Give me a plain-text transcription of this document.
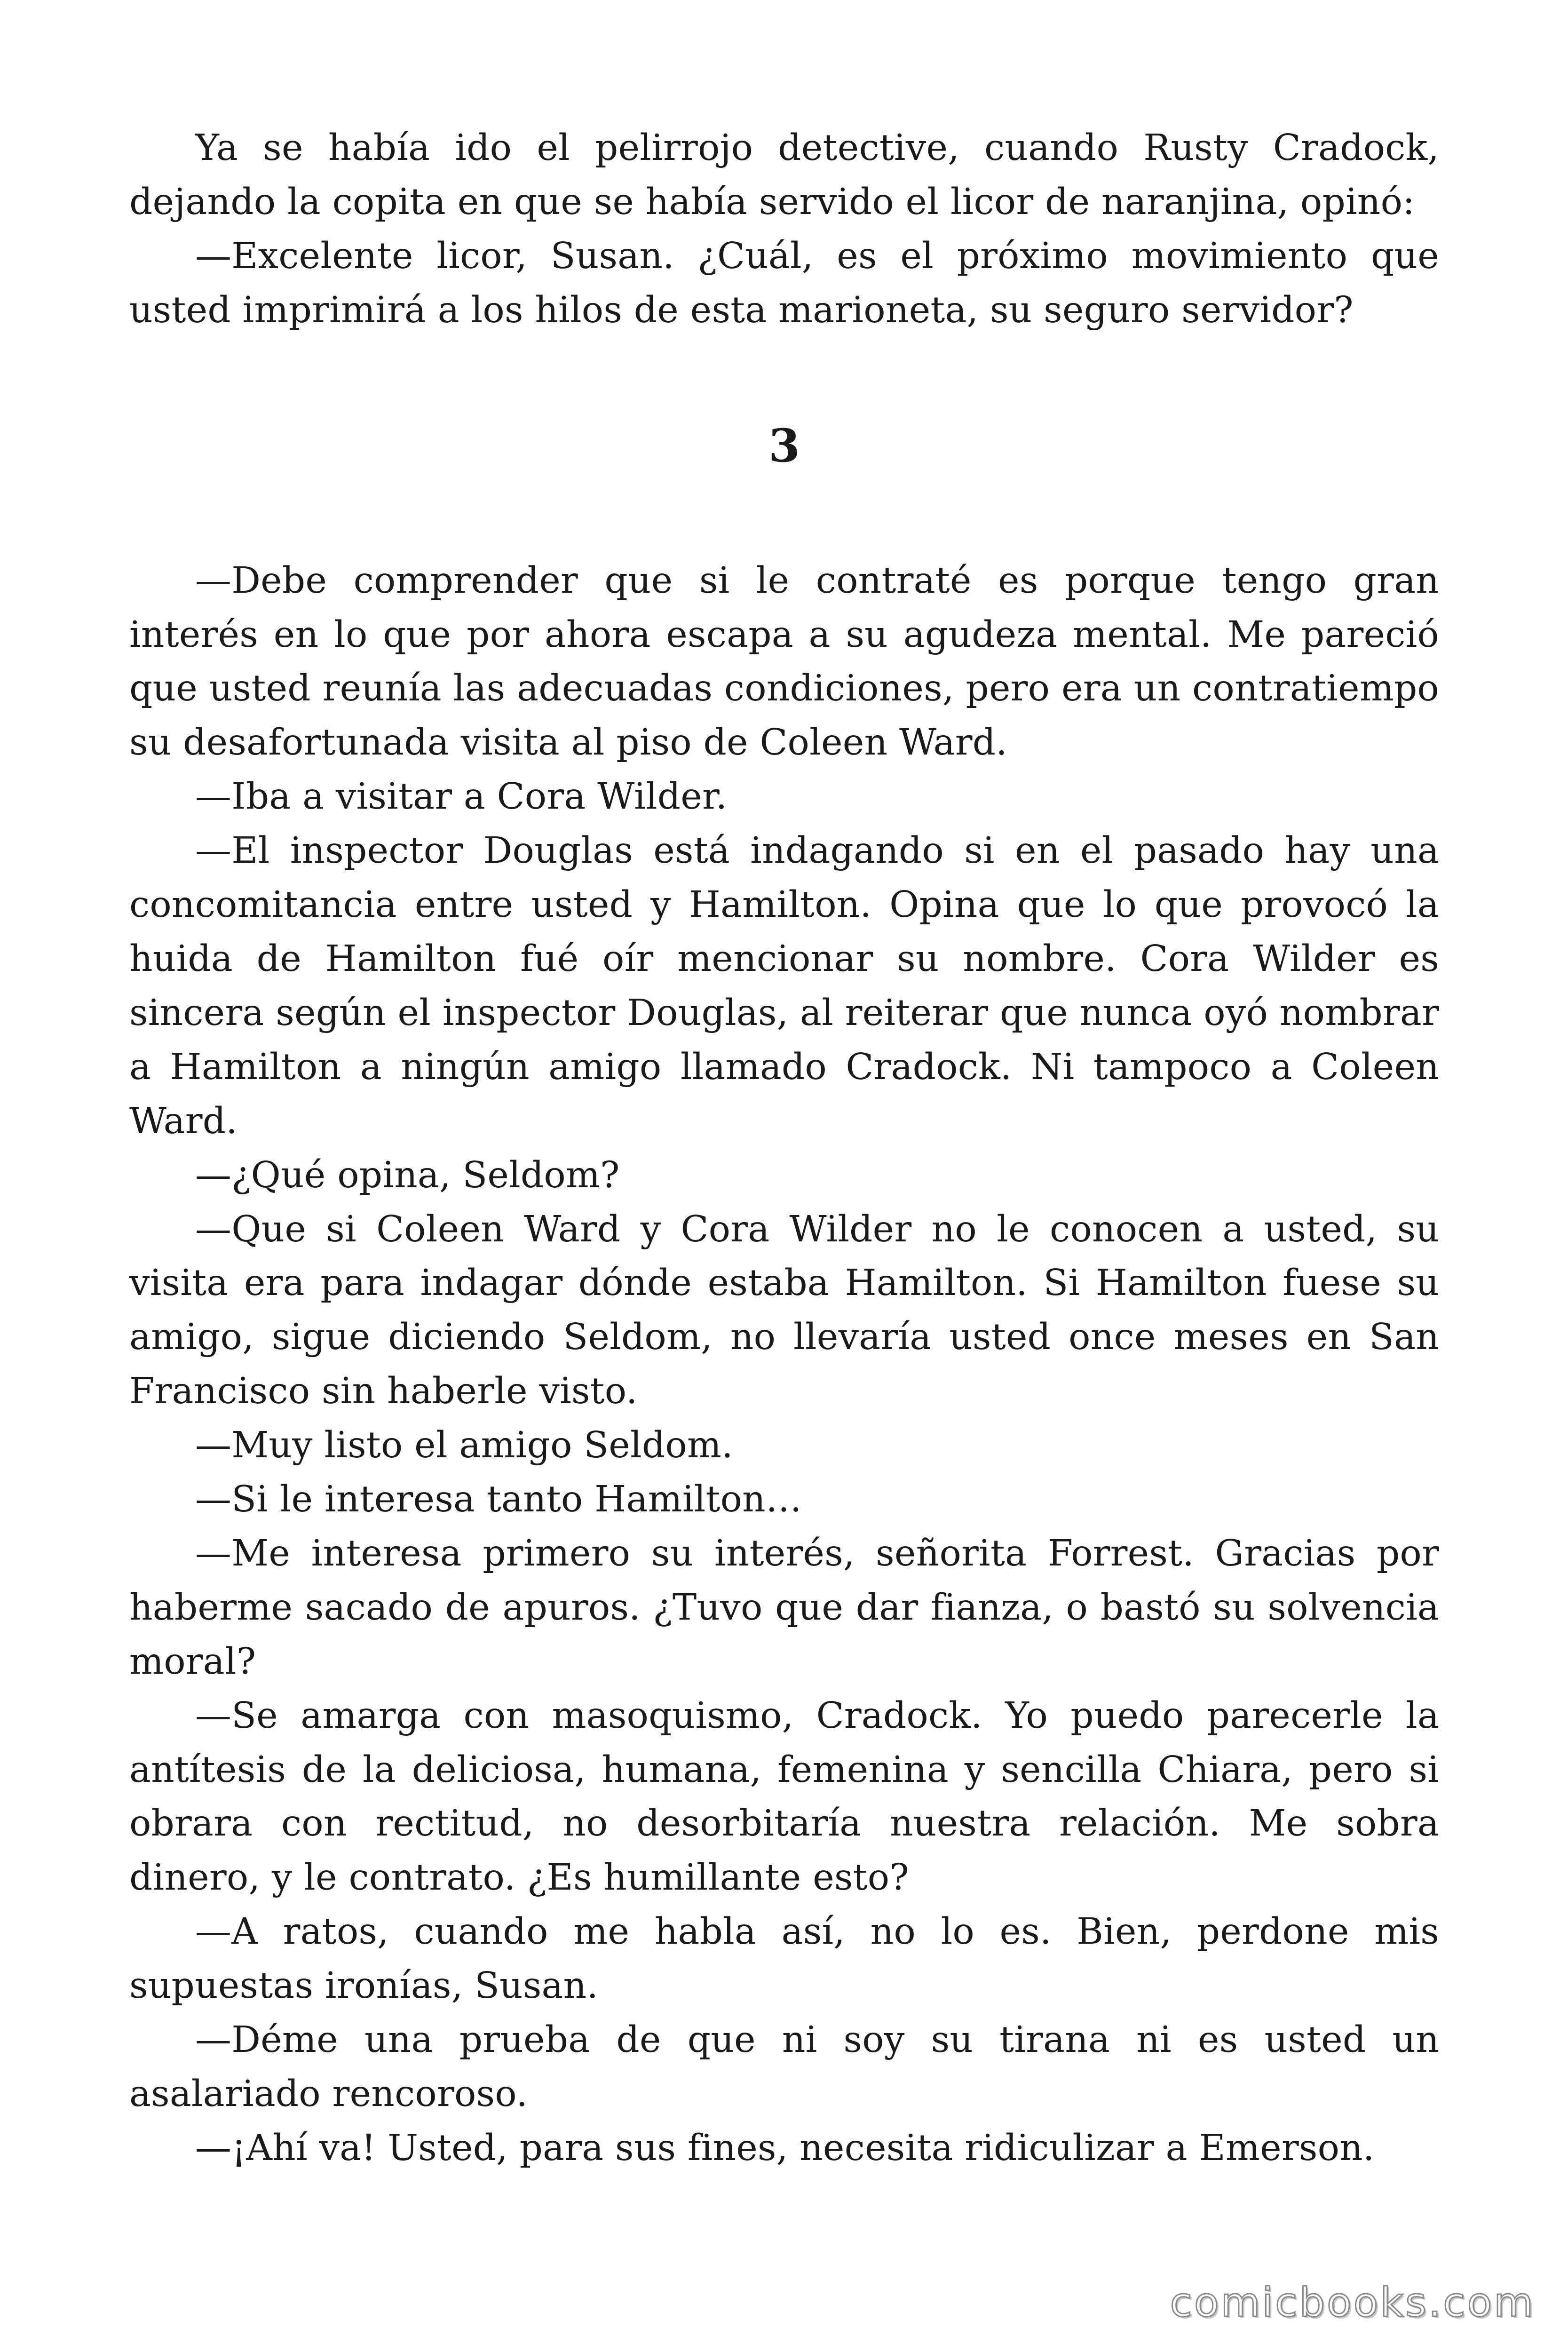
Ya se había ido el pelirrojo detective, cuando Rusty Cradock, dejando la copita en que se había servido el licor de naranjina, opinó:

—Excelente licor, Susan. ¿Cuál, es el próximo movimiento que usted imprimirá a los hilos de esta marioneta, su seguro servidor?

3

—Debe comprender que si le contraté es porque tengo gran interés en lo que por ahora escapa a su agudeza mental. Me pareció que usted reunía las adecuadas condiciones, pero era un contratiempo su desafortunada visita al piso de Coleen Ward.

—Iba a visitar a Cora Wilder.

—El inspector Douglas está indagando si en el pasado hay una concomitancia entre usted y Hamilton. Opina que lo que provocó la huida de Hamilton fué oír mencionar su nombre. Cora Wilder es sincera según el inspector Douglas, al reiterar que nunca oyó nombrar a Hamilton a ningún amigo llamado Cradock. Ni tampoco a Coleen Ward.

—¿Qué opina, Seldom?

—Que si Coleen Ward y Cora Wilder no le conocen a usted, su visita era para indagar dónde estaba Hamilton. Si Hamilton fuese su amigo, sigue diciendo Seldom, no llevaría usted once meses en San Francisco sin haberle visto.

—Muy listo el amigo Seldom.

—Si le interesa tanto Hamilton…

—Me interesa primero su interés, señorita Forrest. Gracias por haberme sacado de apuros. ¿Tuvo que dar fianza, o bastó su solvencia moral?

—Se amarga con masoquismo, Cradock. Yo puedo parecerle la antítesis de la deliciosa, humana, femenina y sencilla Chiara, pero si obrara con rectitud, no desorbitaría nuestra relación. Me sobra dinero, y le contrato. ¿Es humillante esto?

—A ratos, cuando me habla así, no lo es. Bien, perdone mis supuestas ironías, Susan.

—Déme una prueba de que ni soy su tirana ni es usted un asalariado rencoroso.

—¡Ahí va! Usted, para sus fines, necesita ridiculizar a Emerson.

comicbooks.com
